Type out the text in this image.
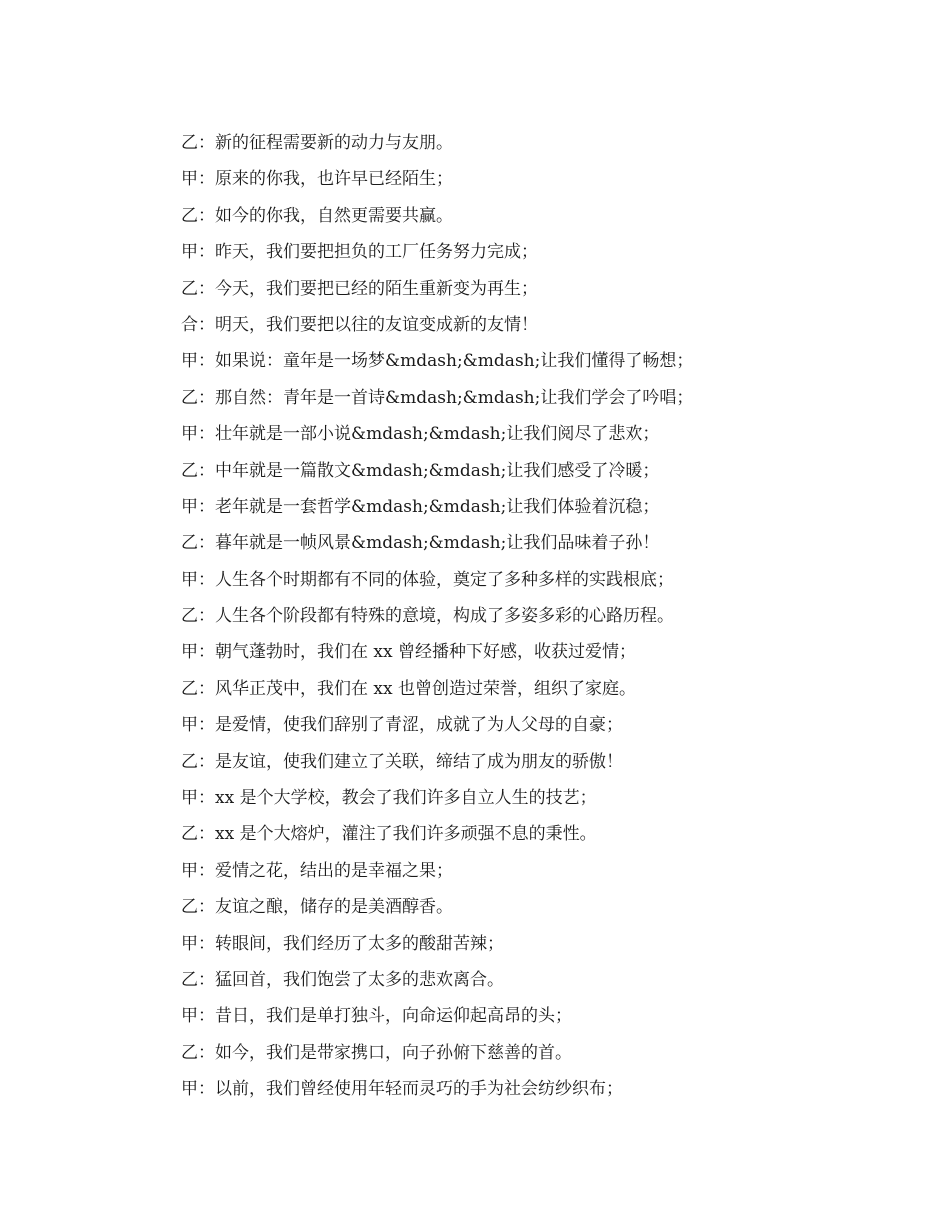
乙：新的征程需要新的动力与友朋。
甲：原来的你我，也许早已经陌生；
乙：如今的你我，自然更需要共赢。
甲：昨天，我们要把担负的工厂任务努力完成；
乙：今天，我们要把已经的陌生重新变为再生；
合：明天，我们要把以往的友谊变成新的友情！
甲：如果说：童年是一场梦&mdash;&mdash;让我们懂得了畅想；
乙：那自然：青年是一首诗&mdash;&mdash;让我们学会了吟唱；
甲：壮年就是一部小说&mdash;&mdash;让我们阅尽了悲欢；
乙：中年就是一篇散文&mdash;&mdash;让我们感受了冷暖；
甲：老年就是一套哲学&mdash;&mdash;让我们体验着沉稳；
乙：暮年就是一帧风景&mdash;&mdash;让我们品味着子孙！
甲：人生各个时期都有不同的体验，奠定了多种多样的实践根底；
乙：人生各个阶段都有特殊的意境，构成了多姿多彩的心路历程。
甲：朝气蓬勃时，我们在 xx 曾经播种下好感，收获过爱情；
乙：风华正茂中，我们在 xx 也曾创造过荣誉，组织了家庭。
甲：是爱情，使我们辞别了青涩，成就了为人父母的自豪；
乙：是友谊，使我们建立了关联，缔结了成为朋友的骄傲！
甲：xx 是个大学校，教会了我们许多自立人生的技艺；
乙：xx 是个大熔炉，灌注了我们许多顽强不息的秉性。
甲：爱情之花，结出的是幸福之果；
乙：友谊之酿，储存的是美酒醇香。
甲：转眼间，我们经历了太多的酸甜苦辣；
乙：猛回首，我们饱尝了太多的悲欢离合。
甲：昔日，我们是单打独斗，向命运仰起高昂的头；
乙：如今，我们是带家携口，向子孙俯下慈善的首。
甲：以前，我们曾经使用年轻而灵巧的手为社会纺纱织布；
